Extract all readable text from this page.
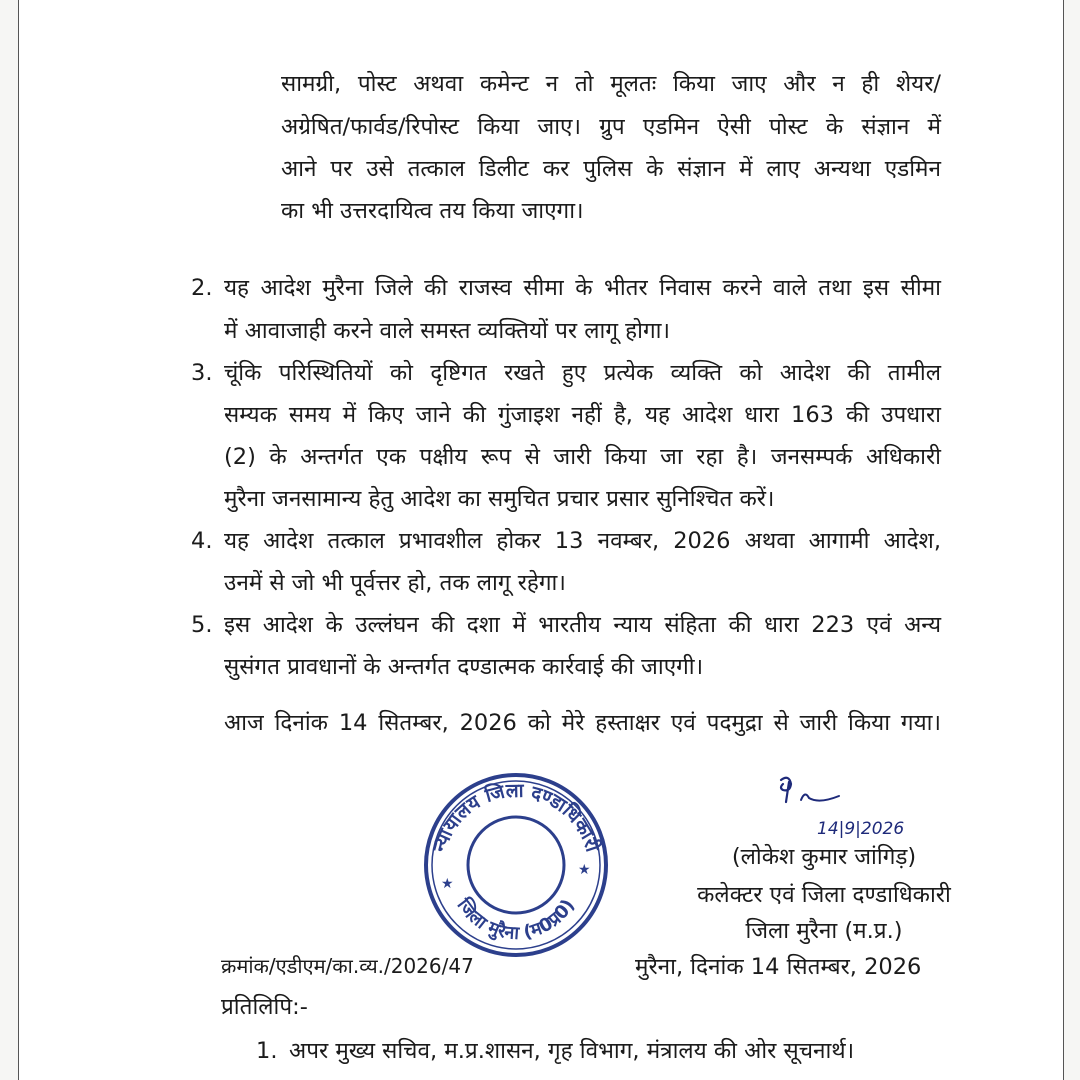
सामग्री, पोस्ट अथवा कमेन्ट न तो मूलतः किया जाए और न ही शेयर/
अग्रेषित/फार्वड/रिपोस्ट किया जाए। ग्रुप एडमिन ऐसी पोस्ट के संज्ञान में
आने पर उसे तत्काल डिलीट कर पुलिस के संज्ञान में लाए अन्यथा एडमिन
का भी उत्तरदायित्व तय किया जाएगा।
2. यह आदेश मुरैना जिले की राजस्व सीमा के भीतर निवास करने वाले तथा इस सीमा
में आवाजाही करने वाले समस्त व्यक्तियों पर लागू होगा।
3. चूंकि परिस्थितियों को दृष्टिगत रखते हुए प्रत्येक व्यक्ति को आदेश की तामील
सम्यक समय में किए जाने की गुंजाइश नहीं है, यह आदेश धारा 163 की उपधारा
(2) के अन्तर्गत एक पक्षीय रूप से जारी किया जा रहा है। जनसम्पर्क अधिकारी
मुरैना जनसामान्य हेतु आदेश का समुचित प्रचार प्रसार सुनिश्चित करें।
4. यह आदेश तत्काल प्रभावशील होकर 13 नवम्बर, 2026 अथवा आगामी आदेश,
उनमें से जो भी पूर्वत्तर हो, तक लागू रहेगा।
5. इस आदेश के उल्लंघन की दशा में भारतीय न्याय संहिता की धारा 223 एवं अन्य
सुसंगत प्रावधानों के अन्तर्गत दण्डात्मक कार्रवाई की जाएगी।
आज दिनांक 14 सितम्बर, 2026 को मेरे हस्ताक्षर एवं पदमुद्रा से जारी किया गया।
न्यायालय जिला दण्डाधिकारी
जिला मुरैना (म0प्र0)
★
★
14|9|2026
(लोकेश कुमार जांगिड़)
कलेक्टर एवं जिला दण्डाधिकारी
जिला मुरैना (म.प्र.)
क्रमांक/एडीएम/का.व्य./2026/47	मुरैना, दिनांक 14 सितम्बर, 2026
प्रतिलिपि:-
1. अपर मुख्य सचिव, म.प्र.शासन, गृह विभाग, मंत्रालय की ओर सूचनार्थ।
